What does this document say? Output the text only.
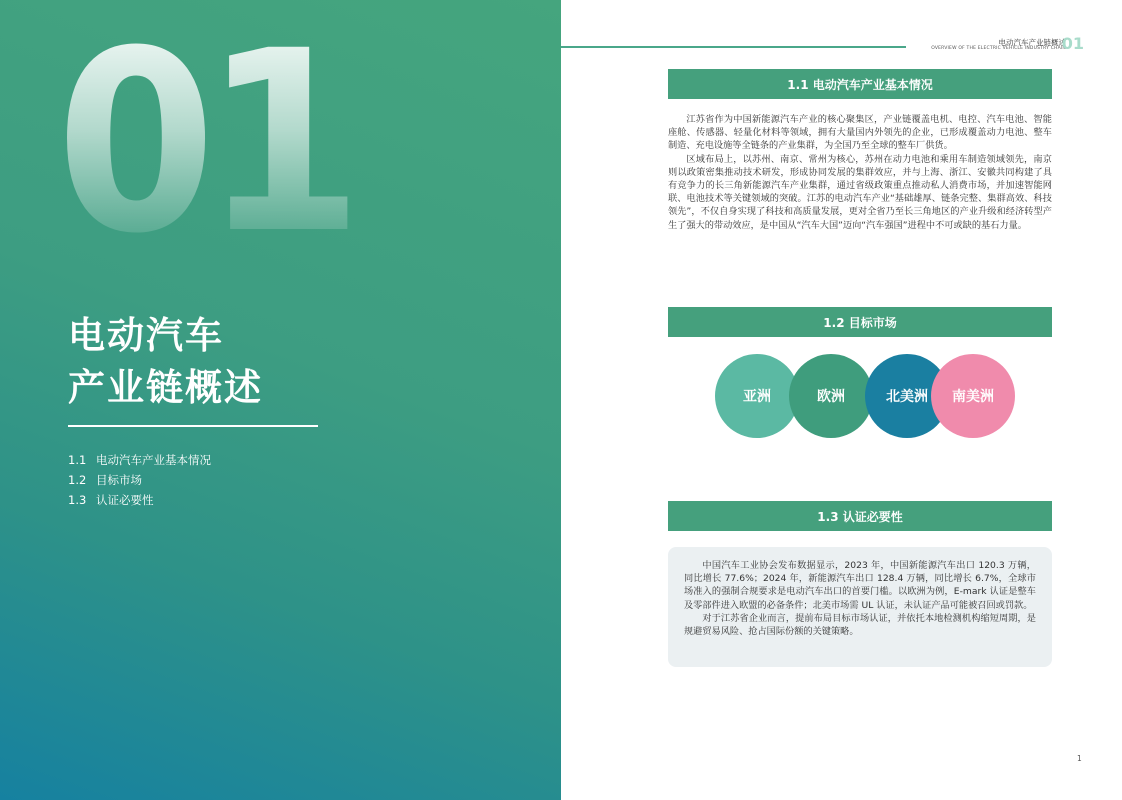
01
电动汽车
产业链概述
1.1 电动汽车产业基本情况
1.2 目标市场
1.3 认证必要性
电动汽车产业链概述
OVERVIEW OF THE ELECTRIC VEHICLE INDUSTRY CHAIN
01
1.1 电动汽车产业基本情况

江苏省作为中国新能源汽车产业的核心聚集区，产业链覆盖电机、电控、汽车电池、智能座舱、传感器、轻量化材料等领域，拥有大量国内外领先的企业，已形成覆盖动力电池、整车制造、充电设施等全链条的产业集群，为全国乃至全球的整车厂供货。

区域布局上，以苏州、南京、常州为核心，苏州在动力电池和乘用车制造领域领先，南京则以政策密集推动技术研发，形成协同发展的集群效应，并与上海、浙江、安徽共同构建了具有竞争力的长三角新能源汽车产业集群，通过省级政策重点推动私人消费市场，并加速智能网联、电池技术等关键领域的突破。江苏的电动汽车产业“基础雄厚、链条完整、集群高效、科技领先”，不仅自身实现了科技和高质量发展，更对全省乃至长三角地区的产业升级和经济转型产生了强大的带动效应，是中国从“汽车大国”迈向“汽车强国”进程中不可或缺的基石力量。

1.2 目标市场
亚洲	欧洲	北美洲	南美洲
1.3 认证必要性

中国汽车工业协会发布数据显示，2023 年，中国新能源汽车出口 120.3 万辆，同比增长 77.6%；2024 年，新能源汽车出口 128.4 万辆，同比增长 6.7%，全球市场准入的强制合规要求是电动汽车出口的首要门槛。以欧洲为例，E-mark 认证是整车及零部件进入欧盟的必备条件；北美市场需 UL 认证，未认证产品可能被召回或罚款。

对于江苏省企业而言，提前布局目标市场认证，并依托本地检测机构缩短周期，是规避贸易风险、抢占国际份额的关键策略。

1
